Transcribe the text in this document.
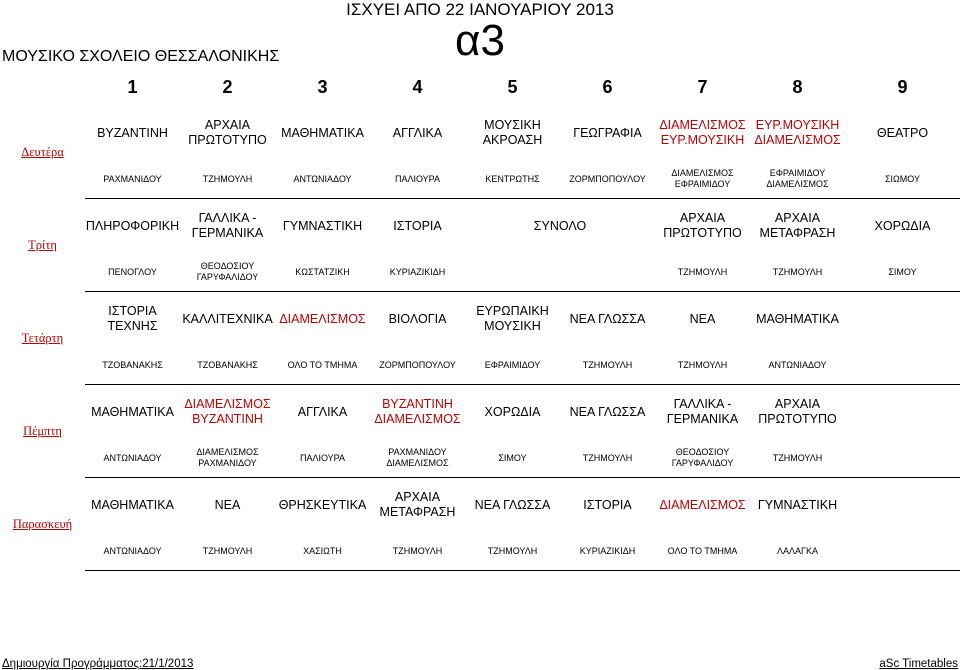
ΙΣΧΥΕΙ ΑΠΟ 22 ΙΑΝΟΥΑΡΙΟΥ 2013
ΜΟΥΣΙΚΟ ΣΧΟΛΕΙΟ ΘΕΣΣΑΛΟΝΙΚΗΣ	α3
	1	2	3	4	5	6	7	8	9
Δευτέρα	ΒΥΖΑΝΤΙΝΗ	ΑΡΧΑΙΑ ΠΡΩΤΟΤΥΠΟ	ΜΑΘΗΜΑΤΙΚΑ	ΑΓΓΛΙΚΑ	ΜΟΥΣΙΚΗ ΑΚΡΟΑΣΗ	ΓΕΩΓΡΑΦΙΑ	ΔΙΑΜΕΛΙΣΜΟΣ ΕΥΡ.ΜΟΥΣΙΚΗ	ΕΥΡ.ΜΟΥΣΙΚΗ ΔΙΑΜΕΛΙΣΜΟΣ	ΘΕΑΤΡΟ
	ΡΑΧΜΑΝΙΔΟΥ	ΤΖΗΜΟΥΛΗ	ΑΝΤΩΝΙΑΔΟΥ	ΠΑΛΙΟΥΡΑ	ΚΕΝΤΡΩΤΗΣ	ΖΟΡΜΠΟΠΟΥΛΟΥ	ΔΙΑΜΕΛΙΣΜΟΣ ΕΦΡΑΙΜΙΔΟΥ	ΕΦΡΑΙΜΙΔΟΥ ΔΙΑΜΕΛΙΣΜΟΣ	ΣΙΩΜΟΥ
Τρίτη	ΠΛΗΡΟΦΟΡΙΚΗ	ΓΑΛΛΙΚΑ - ΓΕΡΜΑΝΙΚΑ	ΓΥΜΝΑΣΤΙΚΗ	ΙΣΤΟΡΙΑ	ΣΥΝΟΛΟ		ΑΡΧΑΙΑ ΠΡΩΤΟΤΥΠΟ	ΑΡΧΑΙΑ ΜΕΤΑΦΡΑΣΗ	ΧΟΡΩΔΙΑ
	ΠΕΝΟΓΛΟΥ	ΘΕΟΔΟΣΙΟΥ ΓΑΡΥΦΑΛΙΔΟΥ	ΚΩΣΤΑΤΖΙΚΗ	ΚΥΡΙΑΖΙΚΙΔΗ			ΤΖΗΜΟΥΛΗ	ΤΖΗΜΟΥΛΗ	ΣΙΜΟΥ
Τετάρτη	ΙΣΤΟΡΙΑ ΤΕΧΝΗΣ	ΚΑΛΛΙΤΕΧΝΙΚΑ	ΔΙΑΜΕΛΙΣΜΟΣ	ΒΙΟΛΟΓΙΑ	ΕΥΡΩΠΑΙΚΗ ΜΟΥΣΙΚΗ	ΝΕΑ ΓΛΩΣΣΑ	ΝΕΑ	ΜΑΘΗΜΑΤΙΚΑ	
	ΤΖΟΒΑΝΑΚΗΣ	ΤΖΟΒΑΝΑΚΗΣ	ΟΛΟ ΤΟ ΤΜΗΜΑ	ΖΟΡΜΠΟΠΟΥΛΟΥ	ΕΦΡΑΙΜΙΔΟΥ	ΤΖΗΜΟΥΛΗ	ΤΖΗΜΟΥΛΗ	ΑΝΤΩΝΙΑΔΟΥ	
Πέμπτη	ΜΑΘΗΜΑΤΙΚΑ	ΔΙΑΜΕΛΙΣΜΟΣ ΒΥΖΑΝΤΙΝΗ	ΑΓΓΛΙΚΑ	ΒΥΖΑΝΤΙΝΗ ΔΙΑΜΕΛΙΣΜΟΣ	ΧΟΡΩΔΙΑ	ΝΕΑ ΓΛΩΣΣΑ	ΓΑΛΛΙΚΑ - ΓΕΡΜΑΝΙΚΑ	ΑΡΧΑΙΑ ΠΡΩΤΟΤΥΠΟ	
	ΑΝΤΩΝΙΑΔΟΥ	ΔΙΑΜΕΛΙΣΜΟΣ ΡΑΧΜΑΝΙΔΟΥ	ΠΑΛΙΟΥΡΑ	ΡΑΧΜΑΝΙΔΟΥ ΔΙΑΜΕΛΙΣΜΟΣ	ΣΙΜΟΥ	ΤΖΗΜΟΥΛΗ	ΘΕΟΔΟΣΙΟΥ ΓΑΡΥΦΑΛΙΔΟΥ	ΤΖΗΜΟΥΛΗ	
Παρασκευή	ΜΑΘΗΜΑΤΙΚΑ	ΝΕΑ	ΘΡΗΣΚΕΥΤΙΚΑ	ΑΡΧΑΙΑ ΜΕΤΑΦΡΑΣΗ	ΝΕΑ ΓΛΩΣΣΑ	ΙΣΤΟΡΙΑ	ΔΙΑΜΕΛΙΣΜΟΣ	ΓΥΜΝΑΣΤΙΚΗ	
	ΑΝΤΩΝΙΑΔΟΥ	ΤΖΗΜΟΥΛΗ	ΧΑΣΙΩΤΗ	ΤΖΗΜΟΥΛΗ	ΤΖΗΜΟΥΛΗ	ΚΥΡΙΑΖΙΚΙΔΗ	ΟΛΟ ΤΟ ΤΜΗΜΑ	ΛΑΛΑΓΚΑ	
Δημιουργία Προγράμματος:21/1/2013	aSc Timetables
